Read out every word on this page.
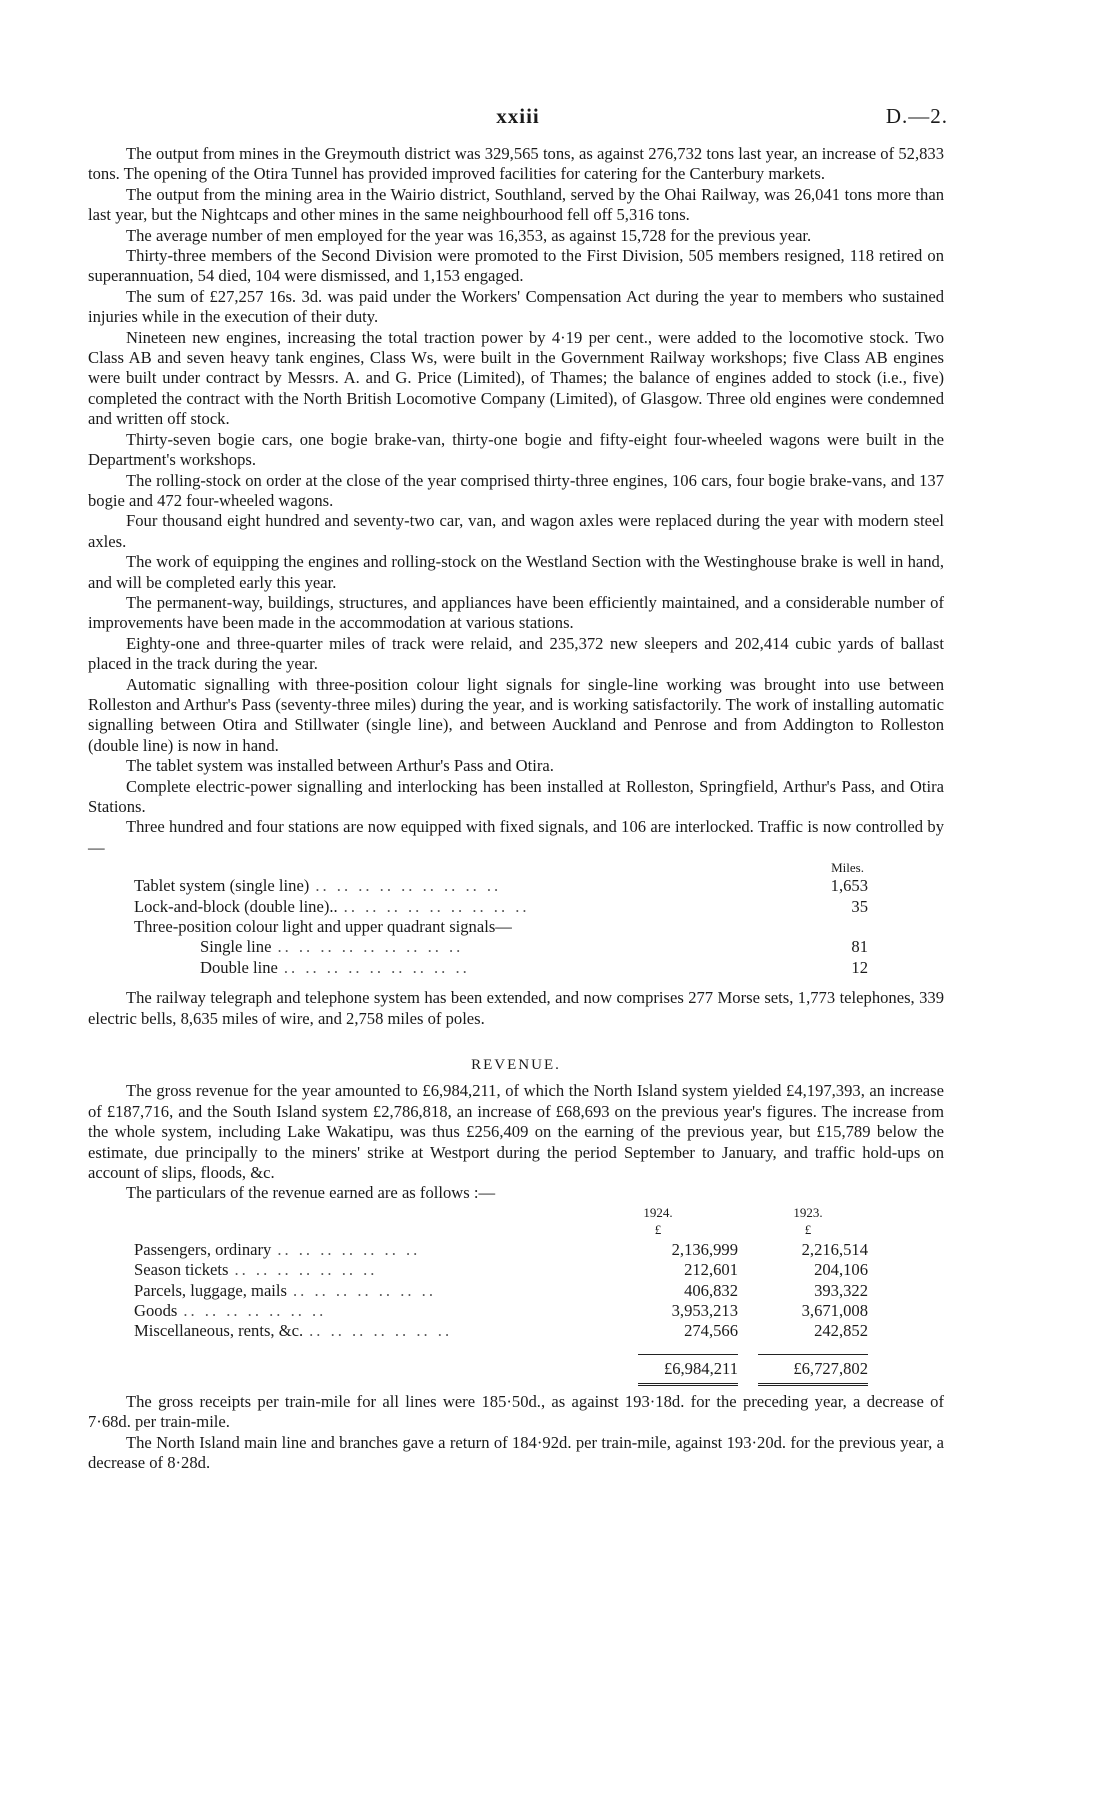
xxiii	D.—2.

The output from mines in the Greymouth district was 329,565 tons, as against 276,732 tons last year, an increase of 52,833 tons. The opening of the Otira Tunnel has provided improved facilities for catering for the Canterbury markets.

The output from the mining area in the Wairio district, Southland, served by the Ohai Railway, was 26,041 tons more than last year, but the Nightcaps and other mines in the same neighbourhood fell off 5,316 tons.

The average number of men employed for the year was 16,353, as against 15,728 for the previous year.

Thirty-three members of the Second Division were promoted to the First Division, 505 members resigned, 118 retired on superannuation, 54 died, 104 were dismissed, and 1,153 engaged.

The sum of £27,257 16s. 3d. was paid under the Workers' Compensation Act during the year to members who sustained injuries while in the execution of their duty.

Nineteen new engines, increasing the total traction power by 4·19 per cent., were added to the locomotive stock. Two Class AB and seven heavy tank engines, Class Ws, were built in the Government Railway workshops; five Class AB engines were built under contract by Messrs. A. and G. Price (Limited), of Thames; the balance of engines added to stock (i.e., five) completed the contract with the North British Locomotive Company (Limited), of Glasgow. Three old engines were condemned and written off stock.

Thirty-seven bogie cars, one bogie brake-van, thirty-one bogie and fifty-eight four-wheeled wagons were built in the Department's workshops.

The rolling-stock on order at the close of the year comprised thirty-three engines, 106 cars, four bogie brake-vans, and 137 bogie and 472 four-wheeled wagons.

Four thousand eight hundred and seventy-two car, van, and wagon axles were replaced during the year with modern steel axles.

The work of equipping the engines and rolling-stock on the Westland Section with the Westinghouse brake is well in hand, and will be completed early this year.

The permanent-way, buildings, structures, and appliances have been efficiently maintained, and a considerable number of improvements have been made in the accommodation at various stations.

Eighty-one and three-quarter miles of track were relaid, and 235,372 new sleepers and 202,414 cubic yards of ballast placed in the track during the year.

Automatic signalling with three-position colour light signals for single-line working was brought into use between Rolleston and Arthur's Pass (seventy-three miles) during the year, and is working satisfactorily. The work of installing automatic signalling between Otira and Stillwater (single line), and between Auckland and Penrose and from Addington to Rolleston (double line) is now in hand.

The tablet system was installed between Arthur's Pass and Otira.

Complete electric-power signalling and interlocking has been installed at Rolleston, Springfield, Arthur's Pass, and Otira Stations.

Three hundred and four stations are now equipped with fixed signals, and 106 are interlocked. Traffic is now controlled by—

Miles.
Tablet system (single line) .. .. .. .. .. .. .. .. ..	1,653
Lock-and-block (double line).. .. .. .. .. .. .. .. .. ..	35
Three-position colour light and upper quadrant signals—
Single line .. .. .. .. .. .. .. .. ..	81
Double line .. .. .. .. .. .. .. .. ..	12

The railway telegraph and telephone system has been extended, and now comprises 277 Morse sets, 1,773 telephones, 339 electric bells, 8,635 miles of wire, and 2,758 miles of poles.

REVENUE.

The gross revenue for the year amounted to £6,984,211, of which the North Island system yielded £4,197,393, an increase of £187,716, and the South Island system £2,786,818, an increase of £68,693 on the previous year's figures. The increase from the whole system, including Lake Wakatipu, was thus £256,409 on the earning of the previous year, but £15,789 below the estimate, due principally to the miners' strike at Westport during the period September to January, and traffic hold-ups on account of slips, floods, &c.

The particulars of the revenue earned are as follows :—

1924.
£
1923.
£
Passengers, ordinary .. .. .. .. .. .. ..	2,136,999	2,216,514
Season tickets .. .. .. .. .. .. ..	212,601	204,106
Parcels, luggage, mails .. .. .. .. .. .. ..	406,832	393,322
Goods .. .. .. .. .. .. ..	3,953,213	3,671,008
Miscellaneous, rents, &c. .. .. .. .. .. .. ..	274,566	242,852
£6,984,211	£6,727,802

The gross receipts per train-mile for all lines were 185·50d., as against 193·18d. for the preceding year, a decrease of 7·68d. per train-mile.

The North Island main line and branches gave a return of 184·92d. per train-mile, against 193·20d. for the previous year, a decrease of 8·28d.
